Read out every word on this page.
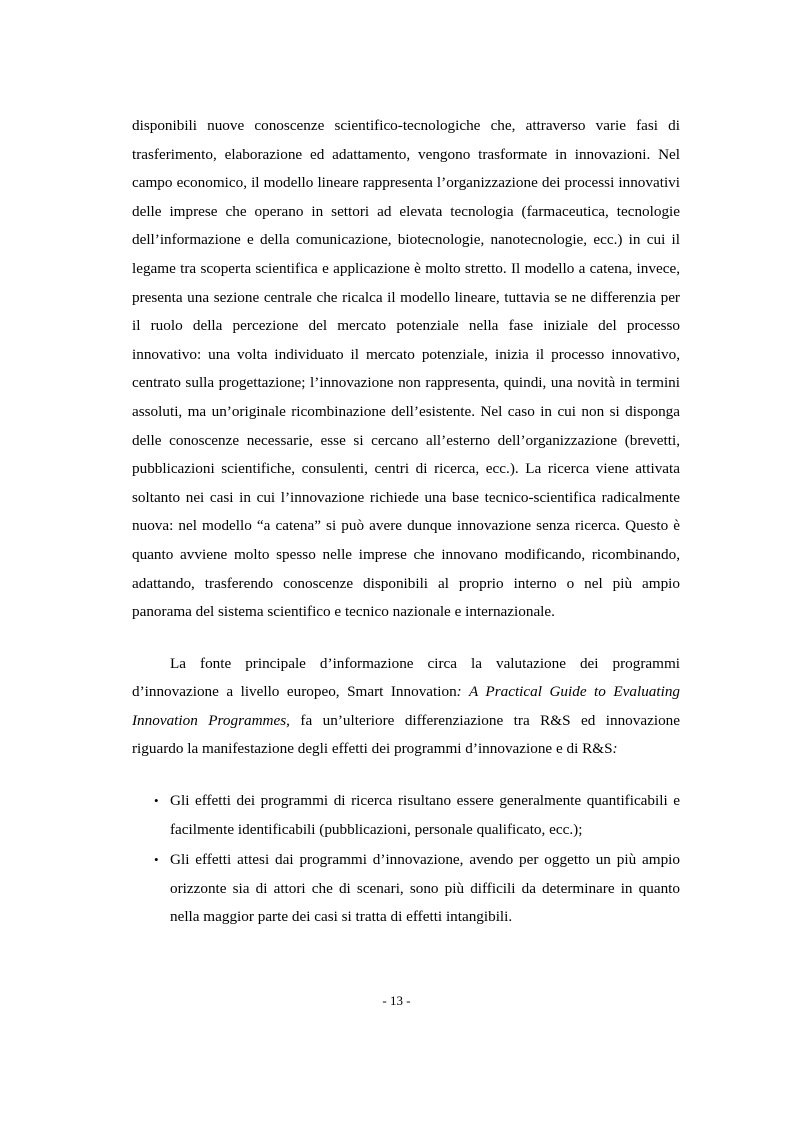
disponibili nuove conoscenze scientifico-tecnologiche che, attraverso varie fasi di trasferimento, elaborazione ed adattamento, vengono trasformate in innovazioni. Nel campo economico, il modello lineare rappresenta l’organizzazione dei processi innovativi delle imprese che operano in settori ad elevata tecnologia (farmaceutica, tecnologie dell’informazione e della comunicazione, biotecnologie, nanotecnologie, ecc.) in cui il legame tra scoperta scientifica e applicazione è molto stretto. Il modello a catena, invece, presenta una sezione centrale che ricalca il modello lineare, tuttavia se ne differenzia per il ruolo della percezione del mercato potenziale nella fase iniziale del processo innovativo: una volta individuato il mercato potenziale, inizia il processo innovativo, centrato sulla progettazione; l’innovazione non rappresenta, quindi, una novità in termini assoluti, ma un’originale ricombinazione dell’esistente. Nel caso in cui non si disponga delle conoscenze necessarie, esse si cercano all’esterno dell’organizzazione (brevetti, pubblicazioni scientifiche, consulenti, centri di ricerca, ecc.). La ricerca viene attivata soltanto nei casi in cui l’innovazione richiede una base tecnico-scientifica radicalmente nuova: nel modello “a catena” si può avere dunque innovazione senza ricerca. Questo è quanto avviene molto spesso nelle imprese che innovano modificando, ricombinando, adattando, trasferendo conoscenze disponibili al proprio interno o nel più ampio panorama del sistema scientifico e tecnico nazionale e internazionale.

La fonte principale d’informazione circa la valutazione dei programmi d’innovazione a livello europeo, Smart Innovation: A Practical Guide to Evaluating Innovation Programmes, fa un’ulteriore differenziazione tra R&S ed innovazione riguardo la manifestazione degli effetti dei programmi d’innovazione e di R&S:

• Gli effetti dei programmi di ricerca risultano essere generalmente quantificabili e facilmente identificabili (pubblicazioni, personale qualificato, ecc.);
• Gli effetti attesi dai programmi d’innovazione, avendo per oggetto un più ampio orizzonte sia di attori che di scenari, sono più difficili da determinare in quanto nella maggior parte dei casi si tratta di effetti intangibili.
- 13 -
